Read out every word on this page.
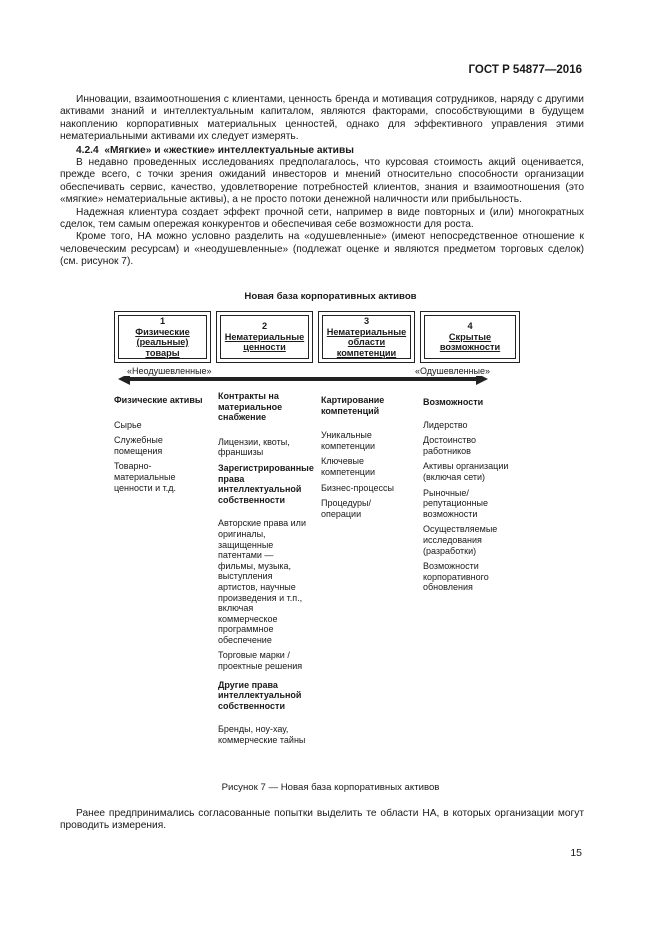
ГОСТ Р 54877—2016

Инновации, взаимоотношения с клиентами, ценность бренда и мотивация сотрудников, наряду с другими активами знаний и интеллектуальным капиталом, являются факторами, способствующими в будущем накоплению корпоративных материальных ценностей, однако для эффективного управления этими нематериальными активами их следует измерять.

4.2.4 «Мягкие» и «жесткие» интеллектуальные активы

В недавно проведенных исследованиях предполагалось, что курсовая стоимость акций оценивается, прежде всего, с точки зрения ожиданий инвесторов и мнений относительно способности организации обеспечивать сервис, качество, удовлетворение потребностей клиентов, знания и взаимоотношения (это «мягкие» нематериальные активы), а не просто потоки денежной наличности или прибыльность.

Надежная клиентура создает эффект прочной сети, например в виде повторных и (или) многократных сделок, тем самым опережая конкурентов и обеспечивая себе возможности для роста.

Кроме того, НА можно условно разделить на «одушевленные» (имеют непосредственное отношение к человеческим ресурсам) и «неодушевленные» (подлежат оценке и являются предметом торговых сделок) (см. рисунок 7).

Новая база корпоративных активов
1
Физические
(реальные)
товары
2
Нематериальные
ценности
3
Нематериальные
области
компетенции
4
Скрытые
возможности
«Неодушевленные»	«Одушевленные»
Физические активы
Сырье
Служебные помещения
Товарно-материальные ценности и т.д.
Контракты на материальное снабжение
Лицензии, квоты, франшизы
Зарегистрированные права интеллектуальной собственности
Авторские права или оригиналы, защищенные патентами — фильмы, музыка, выступления артистов, научные произведения и т.п., включая коммерческое программное обеспечение
Торговые марки / проектные решения
Другие права интеллектуальной собственности
Бренды, ноу-хау, коммерческие тайны
Картирование компетенций
Уникальные компетенции
Ключевые компетенции
Бизнес-процессы
Процедуры/операции
Возможности
Лидерство
Достоинство работников
Активы организации (включая сети)
Рыночные/репутационные возможности
Осуществляемые исследования (разработки)
Возможности корпоративного обновления
Рисунок 7 — Новая база корпоративных активов

Ранее предпринимались согласованные попытки выделить те области НА, в которых организации могут проводить измерения.

15
